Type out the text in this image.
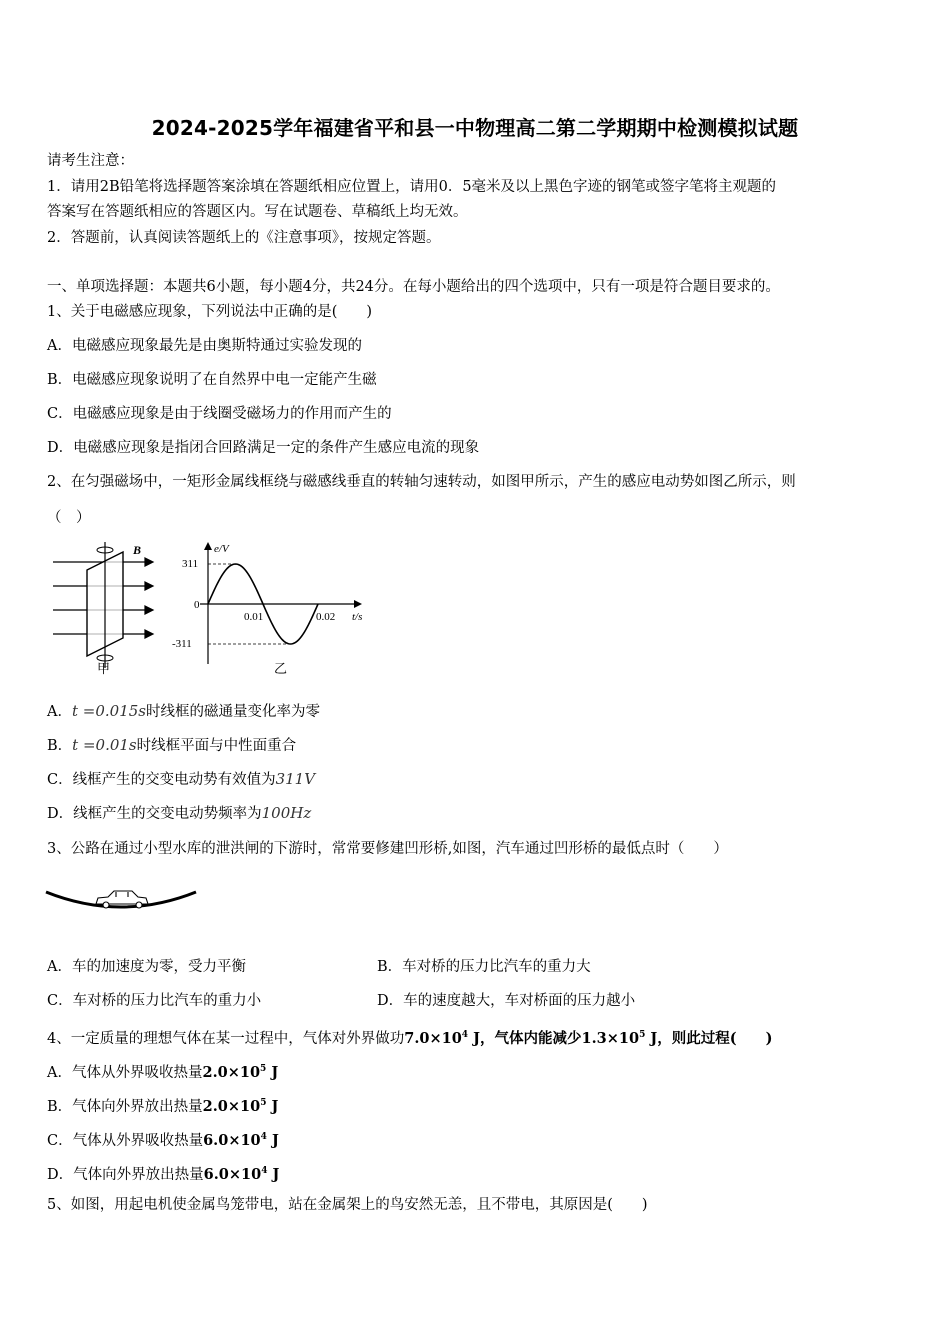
2024-2025学年福建省平和县一中物理高二第二学期期中检测模拟试题
请考生注意：
1．请用2B铅笔将选择题答案涂填在答题纸相应位置上，请用0．5毫米及以上黑色字迹的钢笔或签字笔将主观题的
答案写在答题纸相应的答题区内。写在试题卷、草稿纸上均无效。
2．答题前，认真阅读答题纸上的《注意事项》，按规定答题。
一、单项选择题：本题共6小题，每小题4分，共24分。在每小题给出的四个选项中，只有一项是符合题目要求的。
1、关于电磁感应现象，下列说法中正确的是(　　)
A．电磁感应现象最先是由奥斯特通过实验发现的
B．电磁感应现象说明了在自然界中电一定能产生磁
C．电磁感应现象是由于线圈受磁场力的作用而产生的
D．电磁感应现象是指闭合回路满足一定的条件产生感应电流的现象
2、在匀强磁场中，一矩形金属线框绕与磁感线垂直的转轴匀速转动，如图甲所示，产生的感应电动势如图乙所示，则
（　）
B
甲
e/V
t/s
311
-311
0
0.01	0.02
乙
A．t =0.015s时线框的磁通量变化率为零
B．t =0.01s时线框平面与中性面重合
C．线框产生的交变电动势有效值为311V
D．线框产生的交变电动势频率为100Hz
3、公路在通过小型水库的泄洪闸的下游时，常常要修建凹形桥,如图，汽车通过凹形桥的最低点时（　　）
A．车的加速度为零，受力平衡	B．车对桥的压力比汽车的重力大
C．车对桥的压力比汽车的重力小	D．车的速度越大，车对桥面的压力越小
4、一定质量的理想气体在某一过程中，气体对外界做功$7.0\times 10^4$ J，气体内能减少$1.3\times 10^5$ J，则此过程(　　)
A．气体从外界吸收热量$2.0\times 10^5$ J
B．气体向外界放出热量$2.0\times 10^5$ J
C．气体从外界吸收热量$6.0\times 10^4$ J
D．气体向外界放出热量$6.0\times 10^4$ J
5、如图，用起电机使金属鸟笼带电，站在金属架上的鸟安然无恙，且不带电，其原因是(　　)
